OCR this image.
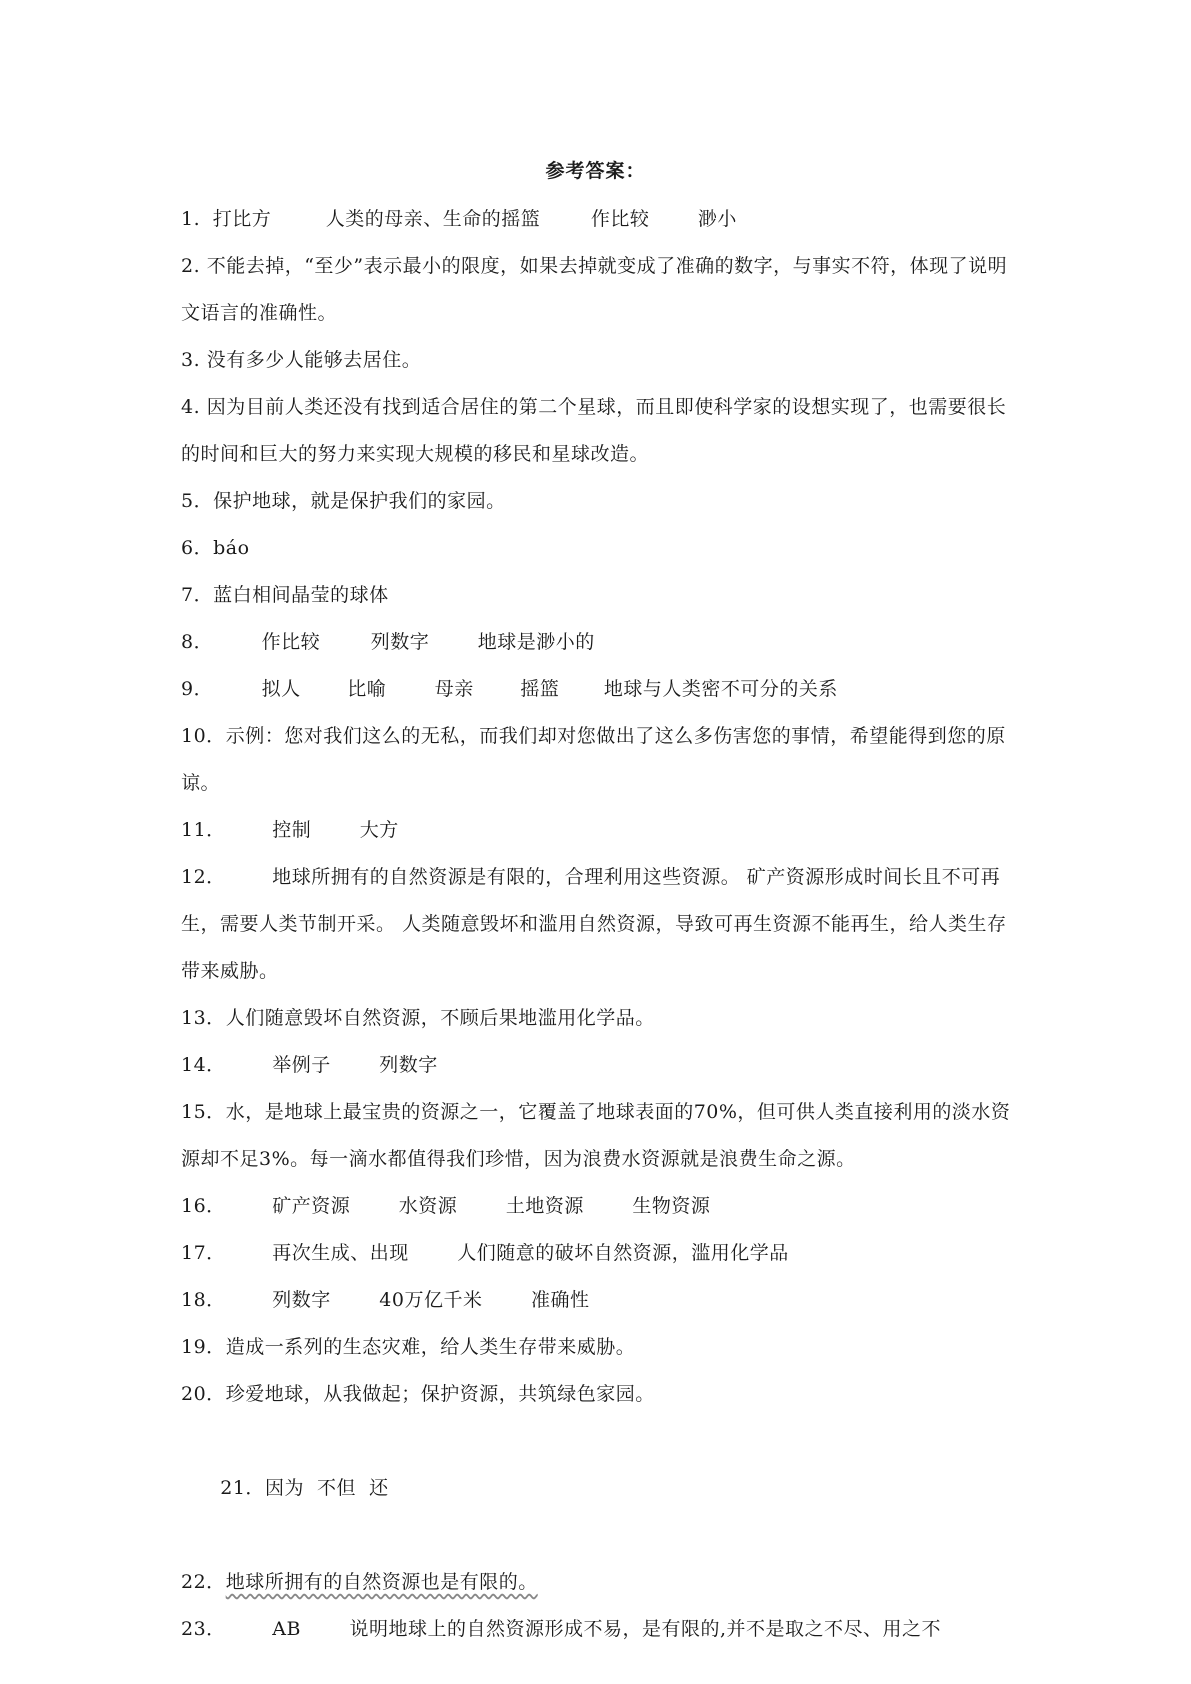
参考答案：
1. 打比方	人类的母亲、生命的摇篮	作比较	渺小
2. 不能去掉，“至少”表示最小的限度，如果去掉就变成了准确的数字，与事实不符，体现了说明文语言的准确性。
3. 没有多少人能够去居住。
4. 因为目前人类还没有找到适合居住的第二个星球，而且即使科学家的设想实现了，也需要很长的时间和巨大的努力来实现大规模的移民和星球改造。
5．保护地球，就是保护我们的家园。
6．báo
7．蓝白相间晶莹的球体
8．	作比较	列数字	地球是渺小的
9．	拟人 比喻	母亲 摇篮 地球与人类密不可分的关系
10．示例：您对我们这么的无私，而我们却对您做出了这么多伤害您的事情，希望能得到您的原谅。
11． 控制	大方
12． 地球所拥有的自然资源是有限的，合理利用这些资源。 矿产资源形成时间长且不可再生，需要人类节制开采。 人类随意毁坏和滥用自然资源，导致可再生资源不能再生，给人类生存带来威胁。
13．人们随意毁坏自然资源，不顾后果地滥用化学品。
14． 举例子	列数字
15．水，是地球上最宝贵的资源之一，它覆盖了地球表面的70%，但可供人类直接利用的淡水资源却不足3%。每一滴水都值得我们珍惜，因为浪费水资源就是浪费生命之源。
16． 矿产资源	水资源	土地资源	生物资源
17． 再次生成、出现	人们随意的破坏自然资源，滥用化学品
18． 列数字	40万亿千米	准确性
19．造成一系列的生态灾难，给人类生存带来威胁。
20．珍爱地球，从我做起；保护资源，共筑绿色家园。

21．因为  不但  还

22．地球所拥有的自然资源也是有限的。
23． AB	说明地球上的自然资源形成不易，是有限的,并不是取之不尽、用之不
